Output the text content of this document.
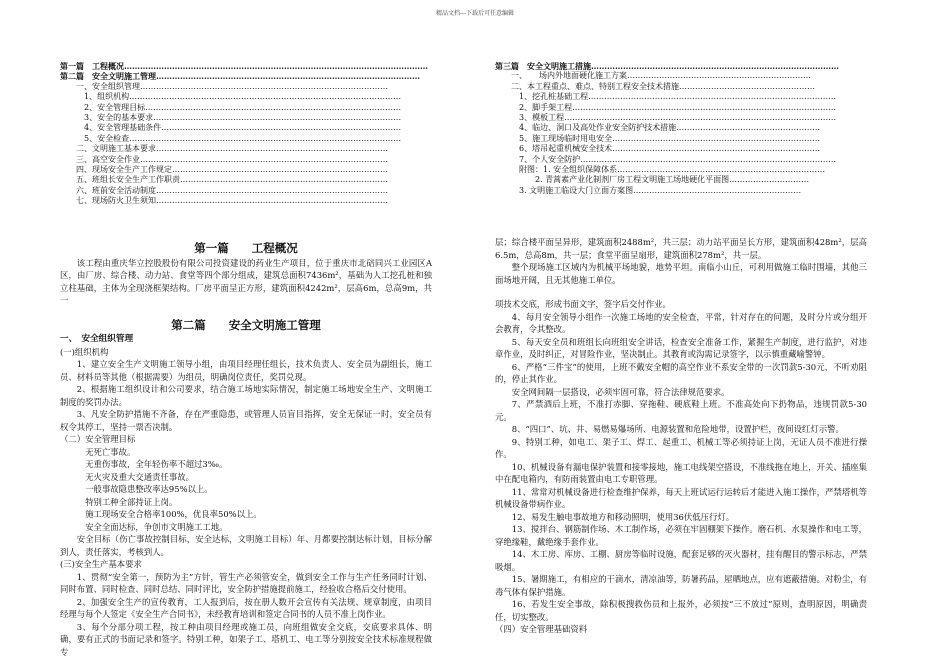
精品文档---下载后可任意编辑
第一篇　工程概况……………………………………………………………………………………………………
第二篇　安全文明施工管理………………………………………………………………………………………
一、安全组织管理…………………………………………………………………………………
1、组织机构…………………………………………………………………………………………
2、安全管理目标……………………………………………………………………………………
3、安全的基本要求…………………………………………………………………………………
4、安全管理基础条件………………………………………………………………………………
5、安全检查…………………………………………………………………………………………
二、文明施工基本要求……………………………………………………………………………
三、高空安全作业…………………………………………………………………………………
四、现场安全生产工作规定………………………………………………………………………
五、班组长安全生产工作职责……………………………………………………………………
六、班前安全活动制度……………………………………………………………………………
七、现场防火卫生须知……………………………………………………………………………
第三篇　安全文明施工措施…………………………………………………………………………………
一、　　场内外地面硬化施工方案……………………………………………………………
二、本工程重点、难点、特别工程安全技术措施……………………………………………
1、挖孔桩基础工程…………………………………………………………………………………
2、脚手架工程………………………………………………………………………………………
3、模板工程…………………………………………………………………………………………
4、临边、洞口及高处作业安全防护技术措施………………………………………………
5、施工现场临时用电安全……………………………………………………………………
6、塔吊起重机械安全技术……………………………………………………………………
7、个人安全防护……………………………………………………………………………………
附图：1. 安全组织保障体系……………………………………………………………………
2. 青蒿素产业化制剂厂房工程文明施工场地硬化平面图…………………………
3. 文明施工临设大门立面方案图………………………………………………………
第一篇　　工程概况

该工程由重庆华立控股股份有限公司投资建设的药业生产项目，位于重庆市北碚同兴工业园区A区，由厂房、综合楼、动力站、食堂等四个部分组成，建筑总面积7436m²，基础为人工挖孔桩和独立柱基础，主体为全现浇框架结构。厂房平面呈正方形，建筑面积4242m²，层高6m，总高9m，共一

第二篇　　安全文明施工管理

一、　安全组织管理

(一)组织机构

1、建立安全生产文明施工领导小组，由项目经理任组长，技术负责人、安全员为副组长，施工员、材料员等其他（根据需要）为组员，明确岗位责任，奖罚兑现。

2、根据施工组织设计和公司要求，结合施工场地实际情况，制定施工场地安全生产、文明施工制度的奖罚办法。

3、凡安全防护措施不齐备，存在严重隐患，或管理人员盲目指挥，安全无保证一时，安全员有权令其停工，坚持一票否决制。

（二）安全管理目标

无死亡事故。

无重伤事故，全年轻伤率不超过3‰。

无火灾及重大交通责任事故。

一般事故隐患整改率达95%以上。

特别工种全部持证上岗。

施工现场安全合格率100%，优良率50%以上。

安全全面达标，争创市文明施工工地。

安全目标（伤亡事故控制目标，安全达标，文明施工目标）年、月都要控制达标计划，目标分解到人，责任落实，考核到人。

(三)安全生产基本要求

1、贯彻“安全第一，预防为主”方针，管生产必须管安全，做到安全工作与生产任务同时计划、同时布置、同时检查、同时总结、同时评比，安全防护措施提前施工，经验收合格后交付使用。

2、加强安全生产的宣传教育，工人报到后，按在册人数开会宣传有关法规、规章制度，由项目经理与每个人签定《安全生产合同书》，未经教育培训和签定合同书的人员不准上岗作业。

3、每个分部分项工程，按工种由项目经理或施工员，向班组做安全交底，交底要求具体、明确，要有正式的书面记录和签字。特别工种，如架子工、塔机工、电工等分别按安全技术标准规程做专

层；综合楼平面呈异形，建筑面积2488m²，共三层；动力站平面呈长方形，建筑面积428m²，层高6.5m，总高8m，共一层；食堂平面呈扇形，建筑面积278m²，共一层。

整个现场施工区域内为机械平场地貌，地势平坦。南临小山丘，可利用做施工临时围墙，其他三面场地开阔，且无其他施工单位。

项技术交底，形成书面文字，签字后交付作业。

4、每月安全领导小组作一次施工场地的安全检查，平常，针对存在的问题，及时分片或分组开会教育，令其整改。

5、每天安全员和班组长向班组安全讲话，检查安全准备工作，紧握生产制度，进行监护，对违章作业，及时纠正，对冒险作业，坚决制止。其教育或沟需记录签字，以示慎重藏喻警钟。

6、严格“三件宝”的使用，上班不戴安全帽的高空作业不系安全带的一次罚款5-30元，不听劝阻的，停止其作业。

安全网间隔一层搭设，必须牢固可靠，符合法律规范要求。

7、严禁酒后上班，不准打赤脚、穿拖鞋、硬底鞋上班。不准高处向下扔物品，违规罚款5-30元。

8、“四口”、坑、井、易燃易爆场所、电源装置和危险地带，设置护栏，夜间设红灯示警。

9、特别工种，如电工、架子工、焊工、起重工、机械工等必须持证上岗，无证人员不准进行操作。

10、机械设备有漏电保护装置和接零接地，施工电线架空搭设，不准线拖在地上，开关、插座集中在配电箱内，有防雨装置由电工专职管理。

11、常常对机械设备进行检查维护保养，每天上班试运行运转后才能进入施工操作，严禁塔机等机械设备带病作业。

12、易发生触电事故地方和移动照明，使用36伏低压行灯。

13、搅拌台、钢筋制作场、木工制作场，必须在牢固棚架下操作。磨石机、水泵操作和电工等，穿绝缘鞋，戴绝缘手套作业。

14、木工房、库房、工棚、厨房等临时设施，配套足够的灭火器材，挂有醒目的警示标志，严禁吸烟。

15、暑期施工，有相应的干滴水，清凉油等，防暑药品，屋晒地点，应有遮蔽措施。对粉尘，有毒气体有保护措施。

16、若发生安全事故，除积极搜救伤员和上报外，必须按“三不放过”原则，查明原因，明确责任，切实整改。

（四）安全管理基础资料
